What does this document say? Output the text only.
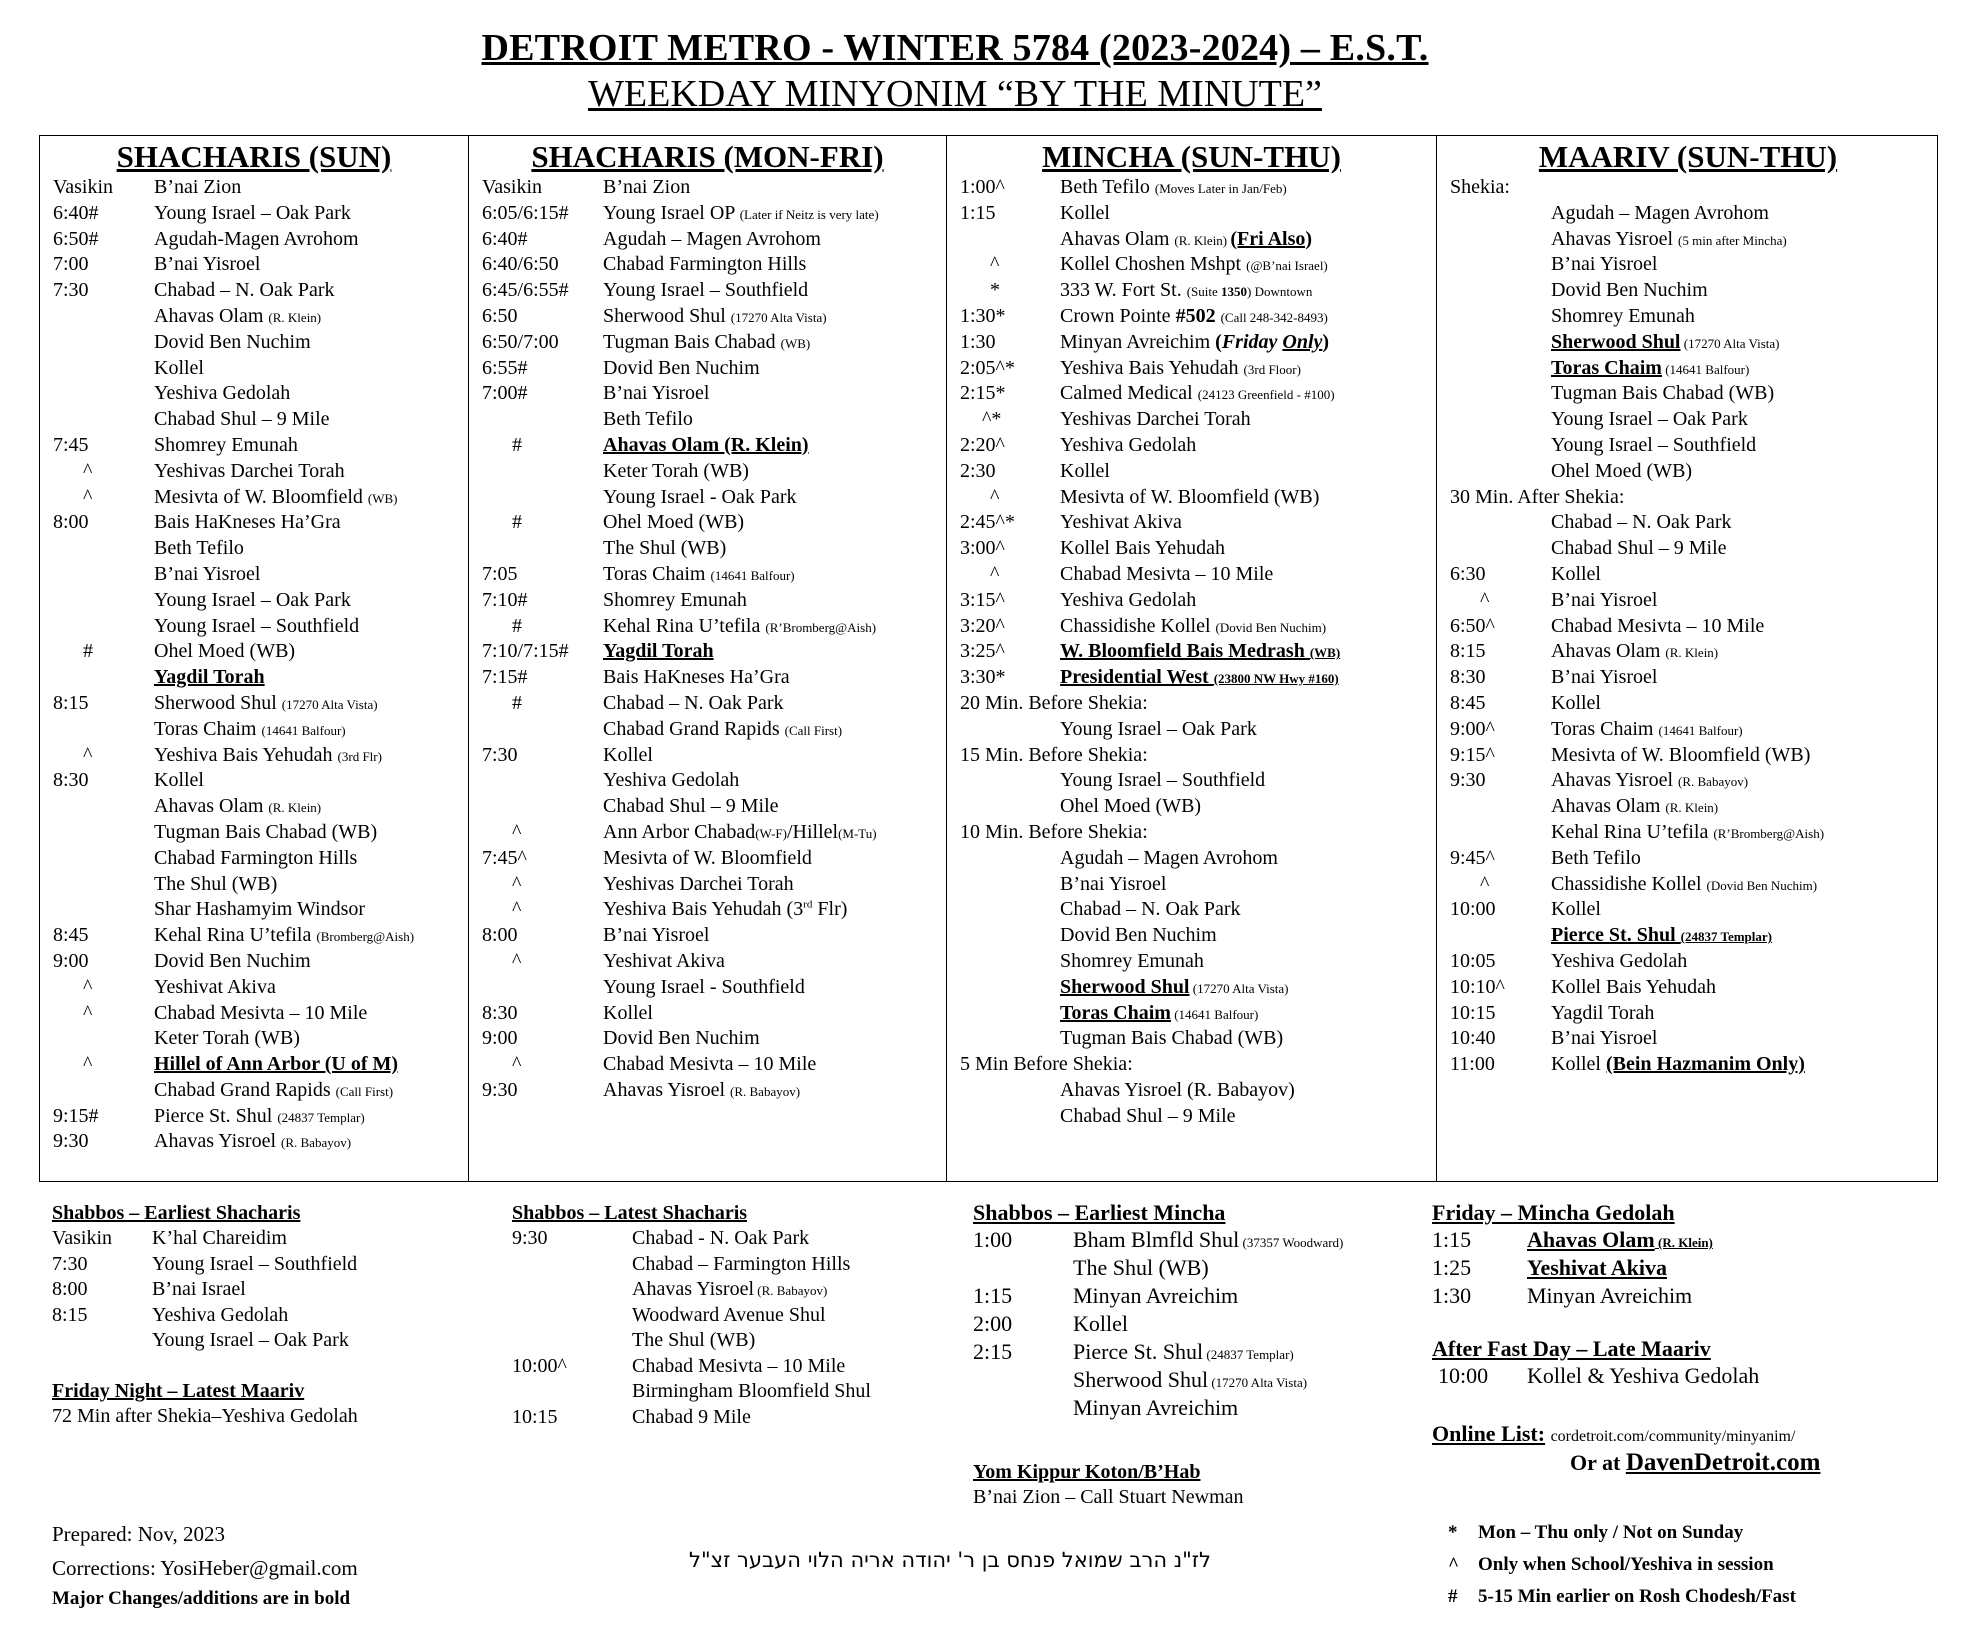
DETROIT METRO - WINTER 5784 (2023-2024) – E.S.T.
WEEKDAY MINYONIM “BY THE MINUTE”
SHACHARIS (SUN)
Vasikin B’nai Zion
6:40#	Young Israel – Oak Park
6:50#	Agudah-Magen Avrohom
7:00	B’nai Yisroel
7:30	Chabad – N. Oak Park
Ahavas Olam (R. Klein)
Dovid Ben Nuchim
Kollel
Yeshiva Gedolah
Chabad Shul – 9 Mile
7:45	Shomrey Emunah
^	Yeshivas Darchei Torah
^	Mesivta of W. Bloomfield (WB)
8:00	Bais HaKneses Ha’Gra
Beth Tefilo
B’nai Yisroel
Young Israel – Oak Park
Young Israel – Southfield
#	Ohel Moed (WB)
Yagdil Torah
8:15	Sherwood Shul (17270 Alta Vista)
Toras Chaim (14641 Balfour)
^	Yeshiva Bais Yehudah (3rd Flr)
8:30	Kollel
Ahavas Olam (R. Klein)
Tugman Bais Chabad (WB)
Chabad Farmington Hills
The Shul (WB)
Shar Hashamyim Windsor
8:45	Kehal Rina U’tefila (Bromberg@Aish)
9:00	Dovid Ben Nuchim
^	Yeshivat Akiva
^	Chabad Mesivta – 10 Mile
Keter Torah (WB)
^	Hillel of Ann Arbor (U of M)
Chabad Grand Rapids (Call First)
9:15#	Pierce St. Shul (24837 Templar)
9:30	Ahavas Yisroel (R. Babayov)
SHACHARIS (MON-FRI)
Vasikin	B’nai Zion
6:05/6:15# Young Israel OP (Later if Neitz is very late)
6:40#	Agudah – Magen Avrohom
6:40/6:50 Chabad Farmington Hills
6:45/6:55# Young Israel – Southfield
6:50	Sherwood Shul (17270 Alta Vista)
6:50/7:00 Tugman Bais Chabad (WB)
6:55#	Dovid Ben Nuchim
7:00#	B’nai Yisroel
Beth Tefilo
#	Ahavas Olam (R. Klein)
Keter Torah (WB)
Young Israel - Oak Park
#	Ohel Moed (WB)
The Shul (WB)
7:05	Toras Chaim (14641 Balfour)
7:10#	Shomrey Emunah
#	Kehal Rina U’tefila (R’Bromberg@Aish)
7:10/7:15# Yagdil Torah
7:15#	Bais HaKneses Ha’Gra
#	Chabad – N. Oak Park
Chabad Grand Rapids (Call First)
7:30	Kollel
Yeshiva Gedolah
Chabad Shul – 9 Mile
^	Ann Arbor Chabad(W-F)/Hillel(M-Tu)
7:45^	Mesivta of W. Bloomfield
^	Yeshivas Darchei Torah
^	Yeshiva Bais Yehudah (3rd Flr)
8:00	B’nai Yisroel
^	Yeshivat Akiva
Young Israel - Southfield
8:30	Kollel
9:00	Dovid Ben Nuchim
^	Chabad Mesivta – 10 Mile
9:30	Ahavas Yisroel (R. Babayov)
MINCHA (SUN-THU)
1:00^	Beth Tefilo (Moves Later in Jan/Feb)
1:15	Kollel
Ahavas Olam (R. Klein) (Fri Also)
^	Kollel Choshen Mshpt (@B’nai Israel)
*	333 W. Fort St. (Suite 1350) Downtown
1:30*	Crown Pointe #502 (Call 248-342-8493)
1:30	Minyan Avreichim (Friday Only)
2:05^* Yeshiva Bais Yehudah (3rd Floor)
2:15*	Calmed Medical (24123 Greenfield - #100)
^*	Yeshivas Darchei Torah
2:20^	Yeshiva Gedolah
2:30	Kollel
^	Mesivta of W. Bloomfield (WB)
2:45^* Yeshivat Akiva
3:00^	Kollel Bais Yehudah
^	Chabad Mesivta – 10 Mile
3:15^	Yeshiva Gedolah
3:20^	Chassidishe Kollel (Dovid Ben Nuchim)
3:25^	W. Bloomfield Bais Medrash (WB)
3:30*	Presidential West (23800 NW Hwy #160)
20 Min. Before Shekia:
Young Israel – Oak Park
15 Min. Before Shekia:
Young Israel – Southfield
Ohel Moed (WB)
10 Min. Before Shekia:
Agudah – Magen Avrohom
B’nai Yisroel
Chabad – N. Oak Park
Dovid Ben Nuchim
Shomrey Emunah
Sherwood Shul (17270 Alta Vista)
Toras Chaim (14641 Balfour)
Tugman Bais Chabad (WB)
5 Min Before Shekia:
Ahavas Yisroel (R. Babayov)
Chabad Shul – 9 Mile
MAARIV (SUN-THU)
Shekia:
Agudah – Magen Avrohom
Ahavas Yisroel (5 min after Mincha)
B’nai Yisroel
Dovid Ben Nuchim
Shomrey Emunah
Sherwood Shul (17270 Alta Vista)
Toras Chaim (14641 Balfour)
Tugman Bais Chabad (WB)
Young Israel – Oak Park
Young Israel – Southfield
Ohel Moed (WB)
30 Min. After Shekia:
Chabad – N. Oak Park
Chabad Shul – 9 Mile
6:30	Kollel
^	B’nai Yisroel
6:50^	Chabad Mesivta – 10 Mile
8:15	Ahavas Olam (R. Klein)
8:30	B’nai Yisroel
8:45	Kollel
9:00^	Toras Chaim (14641 Balfour)
9:15^	Mesivta of W. Bloomfield (WB)
9:30	Ahavas Yisroel (R. Babayov)
Ahavas Olam (R. Klein)
Kehal Rina U’tefila (R’Bromberg@Aish)
9:45^	Beth Tefilo
^	Chassidishe Kollel (Dovid Ben Nuchim)
10:00	Kollel
Pierce St. Shul (24837 Templar)
10:05	Yeshiva Gedolah
10:10^ Kollel Bais Yehudah
10:15	Yagdil Torah
10:40	B’nai Yisroel
11:00	Kollel (Bein Hazmanim Only)
Shabbos – Earliest Shacharis
Vasikin K’hal Chareidim
7:30	Young Israel – Southfield
8:00	B’nai Israel
8:15	Yeshiva Gedolah
Young Israel – Oak Park
Friday Night – Latest Maariv
72 Min after Shekia–Yeshiva Gedolah
Shabbos – Latest Shacharis
9:30	Chabad - N. Oak Park
Chabad – Farmington Hills
Ahavas Yisroel (R. Babayov)
Woodward Avenue Shul
The Shul (WB)
10:00^	Chabad Mesivta – 10 Mile
Birmingham Bloomfield Shul
10:15	Chabad 9 Mile
Shabbos – Earliest Mincha
1:00	Bham Blmfld Shul (37357 Woodward)
The Shul (WB)
1:15	Minyan Avreichim
2:00	Kollel
2:15	Pierce St. Shul (24837 Templar)
Sherwood Shul (17270 Alta Vista)
Minyan Avreichim
Yom Kippur Koton/B’Hab
B’nai Zion – Call Stuart Newman
Friday – Mincha Gedolah
1:15	Ahavas Olam (R. Klein)
1:25	Yeshivat Akiva
1:30	Minyan Avreichim
After Fast Day – Late Maariv
10:00 Kollel & Yeshiva Gedolah
Online List: cordetroit.com/community/minyanim/
Or at DavenDetroit.com
Prepared: Nov, 2023
Corrections: YosiHeber@gmail.com
Major Changes/additions are in bold
לז"נ הרב שמואל פנחס בן ר' יהודה אריה הלוי העבער זצ"ל
* Mon – Thu only / Not on Sunday
^ Only when School/Yeshiva in session
# 5-15 Min earlier on Rosh Chodesh/Fast
